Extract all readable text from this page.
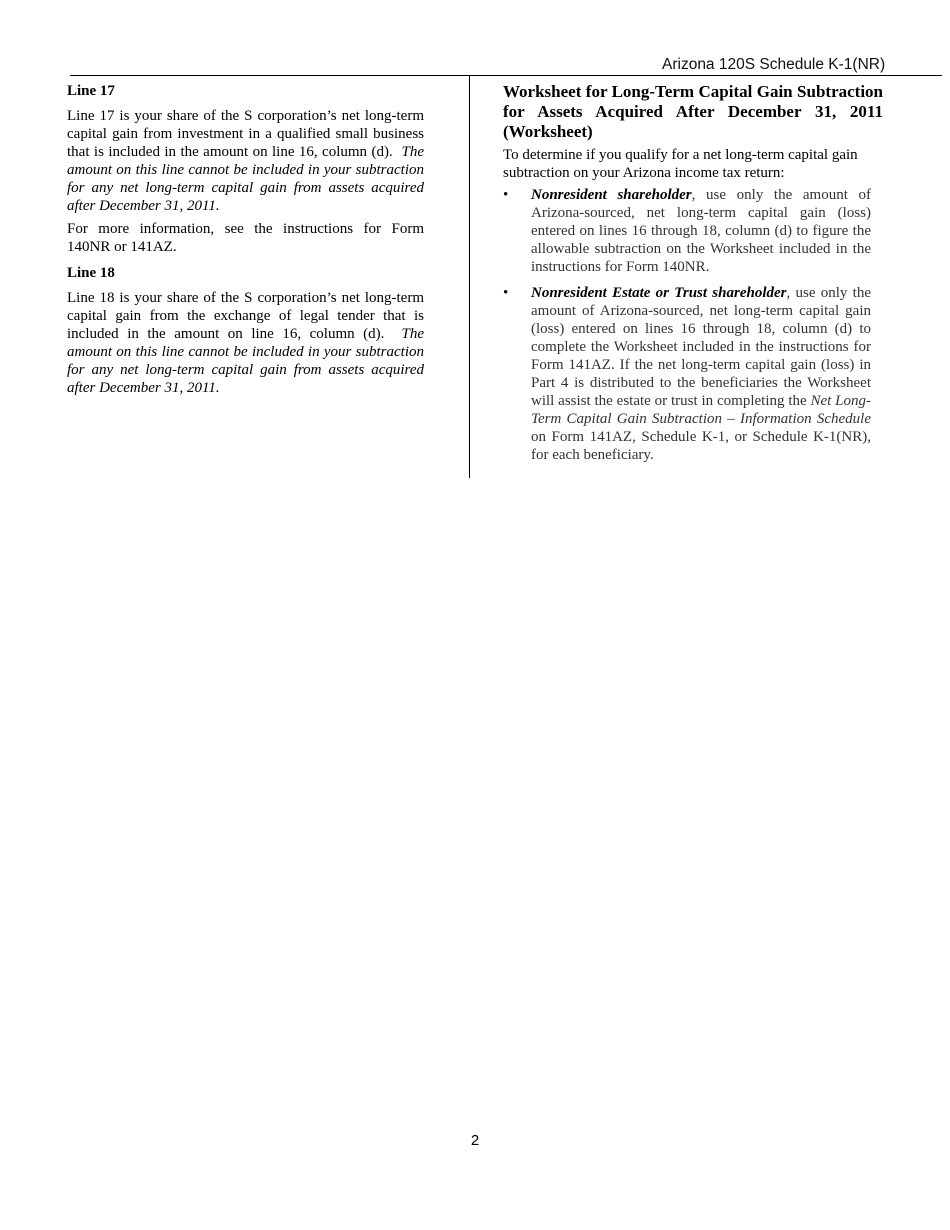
Arizona 120S Schedule K-1(NR)
Line 17

Line 17 is your share of the S corporation’s net long-term capital gain from investment in a qualified small business that is included in the amount on line 16, column (d). The amount on this line cannot be included in your subtraction for any net long-term capital gain from assets acquired after December 31, 2011.

For more information, see the instructions for Form 140NR or 141AZ.

Line 18

Line 18 is your share of the S corporation’s net long-term capital gain from the exchange of legal tender that is included in the amount on line 16, column (d). The amount on this line cannot be included in your subtraction for any net long-term capital gain from assets acquired after December 31, 2011.

Worksheet for Long-Term Capital Gain Subtraction for Assets Acquired After December 31, 2011 (Worksheet)

To determine if you qualify for a net long-term capital gain subtraction on your Arizona income tax return:

• Nonresident shareholder, use only the amount of Arizona-sourced, net long-term capital gain (loss) entered on lines 16 through 18, column (d) to figure the allowable subtraction on the Worksheet included in the instructions for Form 140NR.
• Nonresident Estate or Trust shareholder, use only the amount of Arizona-sourced, net long-term capital gain (loss) entered on lines 16 through 18, column (d) to complete the Worksheet included in the instructions for Form 141AZ. If the net long-term capital gain (loss) in Part 4 is distributed to the beneficiaries the Worksheet will assist the estate or trust in completing the Net Long-Term Capital Gain Subtraction – Information Schedule on Form 141AZ, Schedule K-1, or Schedule K-1(NR), for each beneficiary.
2
